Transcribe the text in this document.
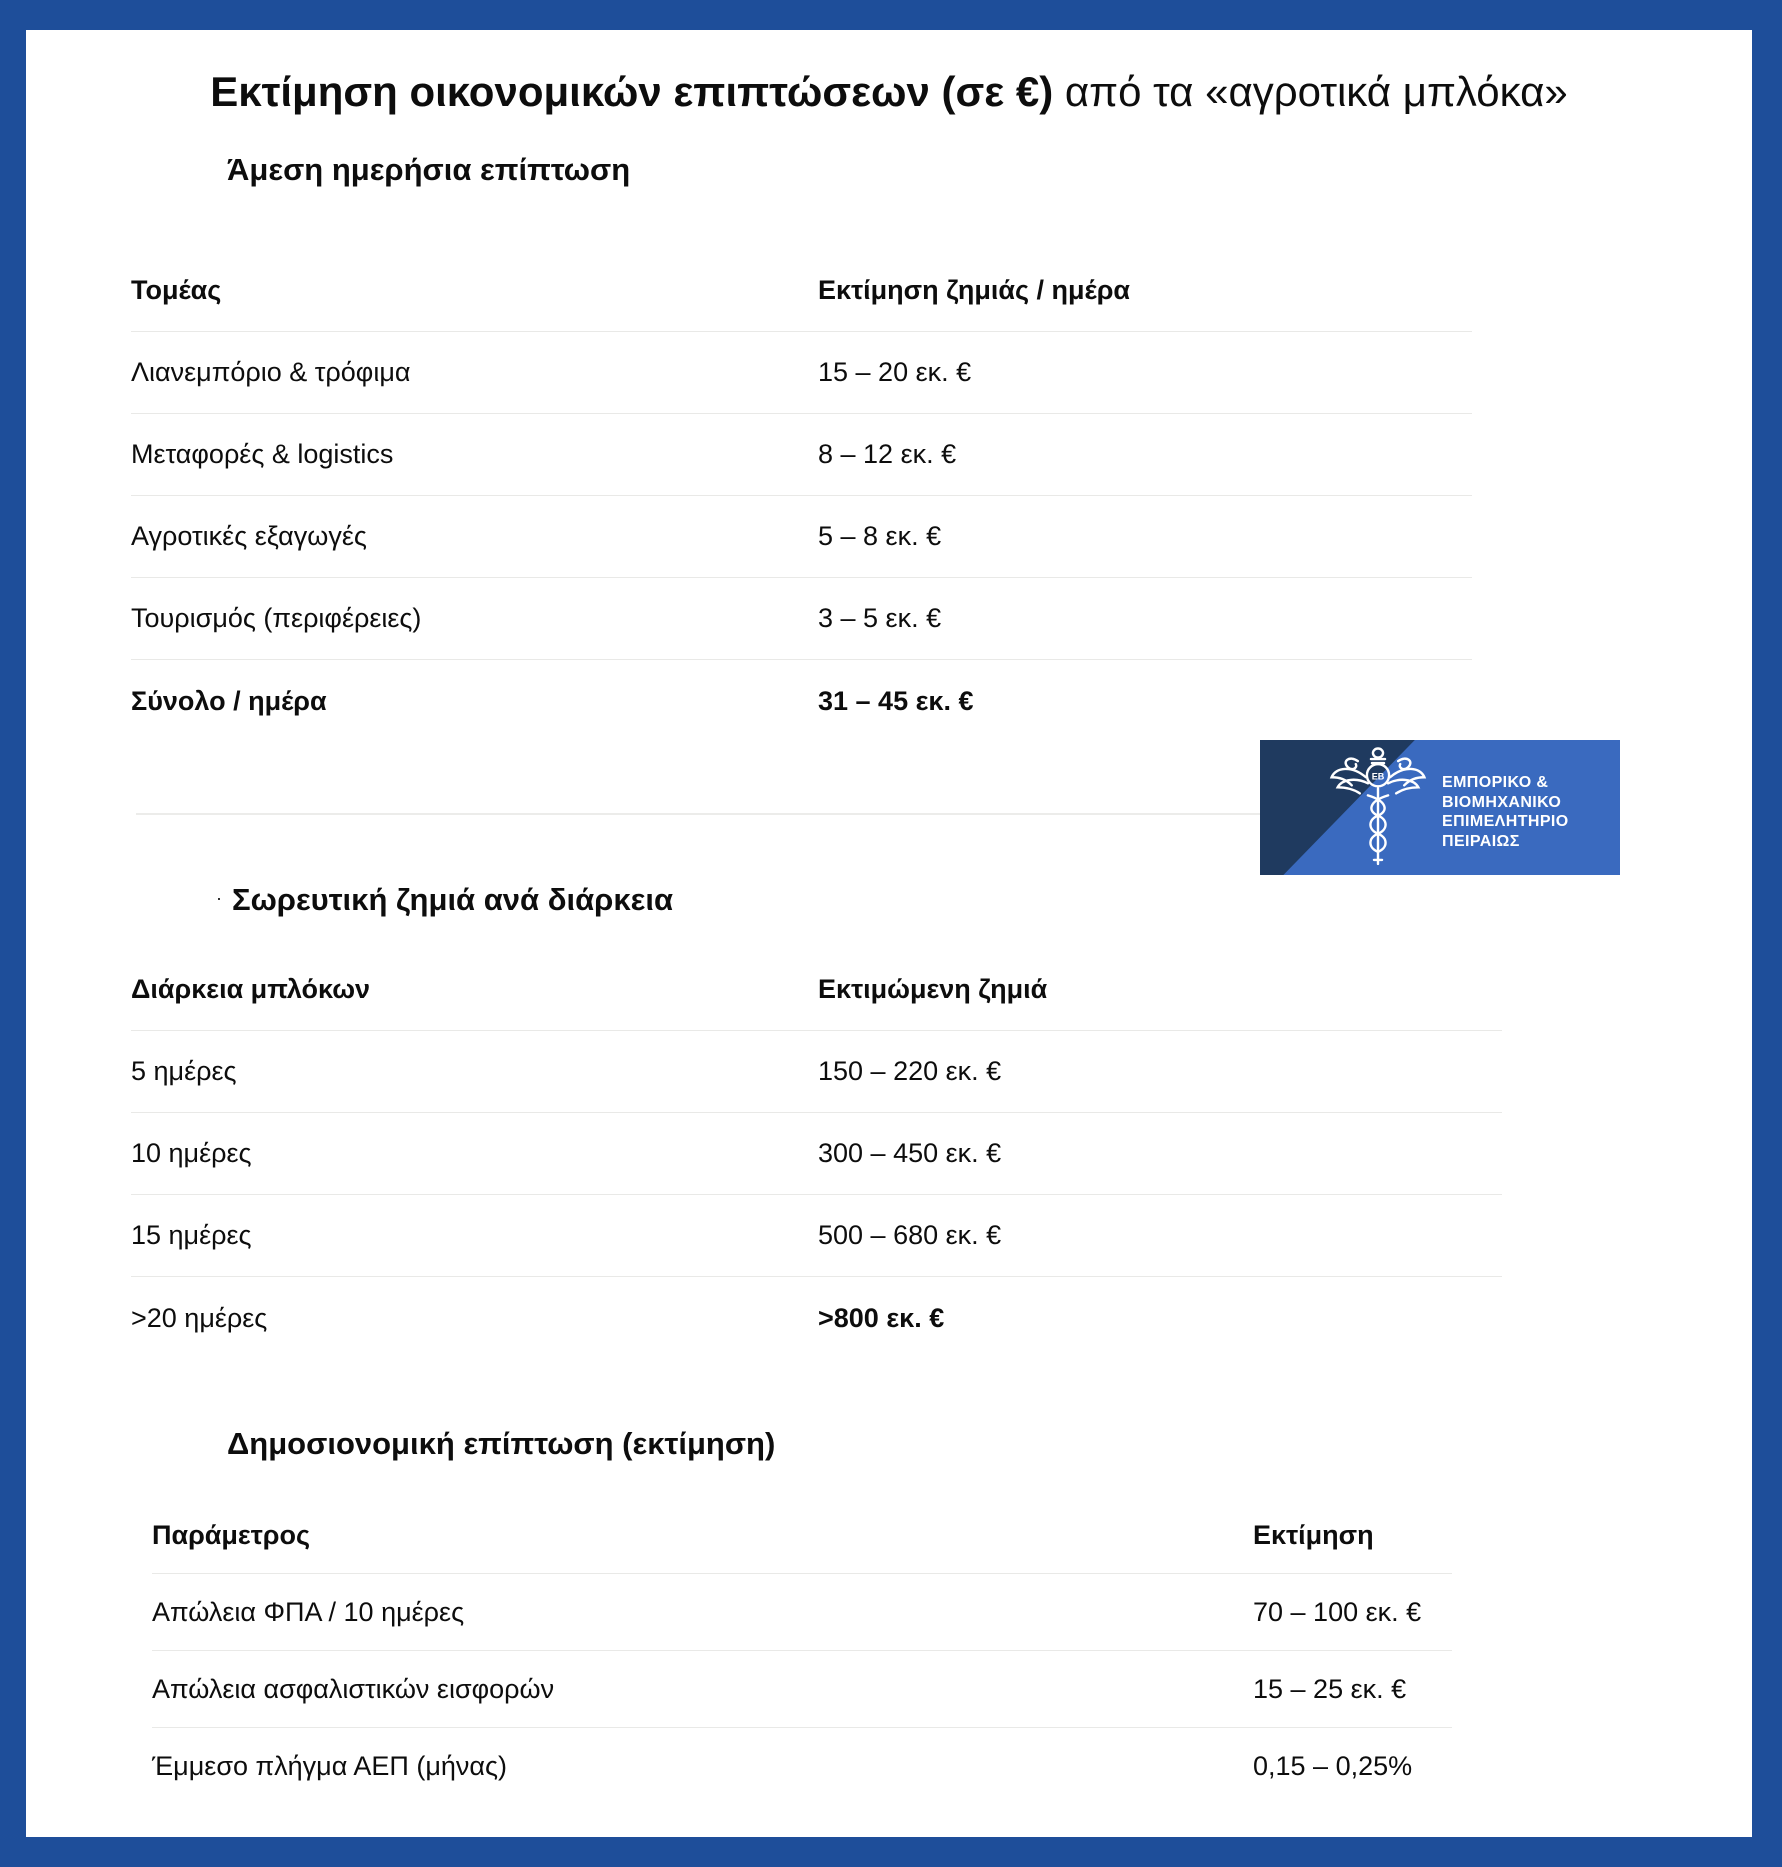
Εκτίμηση οικονομικών επιπτώσεων (σε €) από τα «αγροτικά μπλόκα»
Άμεση ημερήσια επίπτωση
Τομέας	Εκτίμηση ζημιάς / ημέρα
Λιανεμπόριο & τρόφιμα	15 – 20 εκ. €
Μεταφορές & logistics	8 – 12 εκ. €
Αγροτικές εξαγωγές	5 – 8 εκ. €
Τουρισμός (περιφέρειες)	3 – 5 εκ. €
Σύνολο / ημέρα	31 – 45 εκ. €
EB	ΕΜΠΟΡΙΚΟ &
ΒΙΟΜΗΧΑΝΙΚΟ
ΕΠΙΜΕΛΗΤΗΡΙΟ
ΠΕΙΡΑΙΩΣ
· Σωρευτική ζημιά ανά διάρκεια
Διάρκεια μπλόκων	Εκτιμώμενη ζημιά
5 ημέρες	150 – 220 εκ. €
10 ημέρες	300 – 450 εκ. €
15 ημέρες	500 – 680 εκ. €
>20 ημέρες	>800 εκ. €
Δημοσιονομική επίπτωση (εκτίμηση)
Παράμετρος	Εκτίμηση
Απώλεια ΦΠΑ / 10 ημέρες	70 – 100 εκ. €
Απώλεια ασφαλιστικών εισφορών	15 – 25 εκ. €
Έμμεσο πλήγμα ΑΕΠ (μήνας)	0,15 – 0,25%
